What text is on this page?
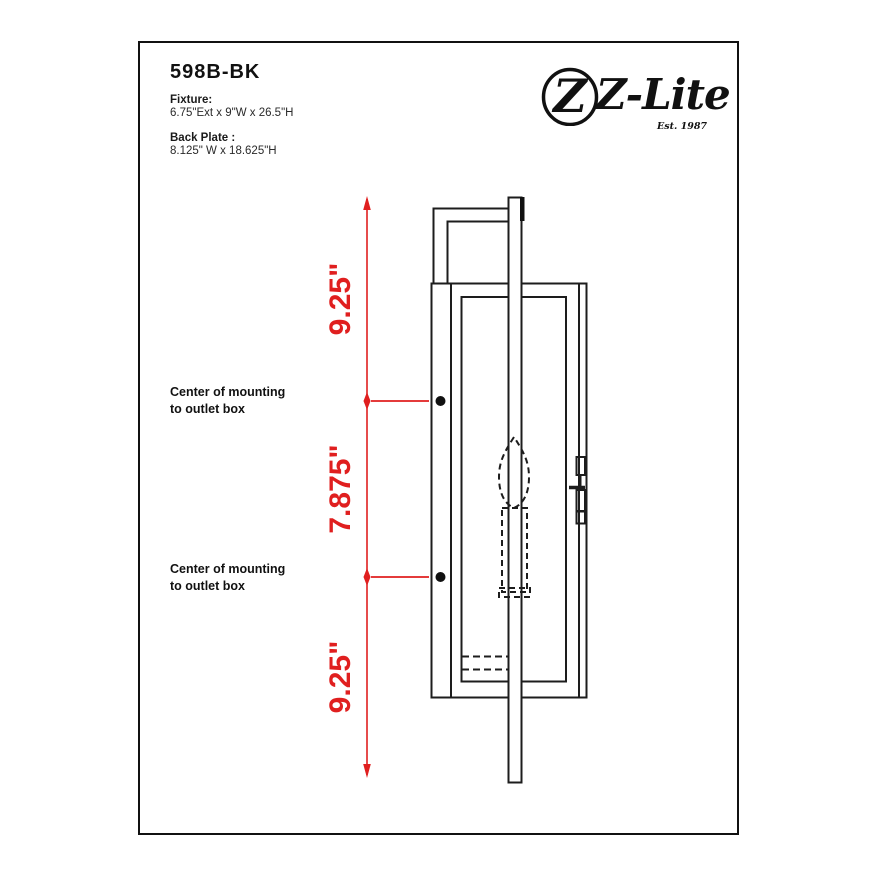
598B-BK
Fixture:
6.75"Ext x 9"W x 26.5"H
Back Plate :
8.125" W x 18.625"H
Z Z-Lite
Est. 1987
Center of mounting
to outlet box
Center of mounting
to outlet box
9.25"
7.875"
9.25"
